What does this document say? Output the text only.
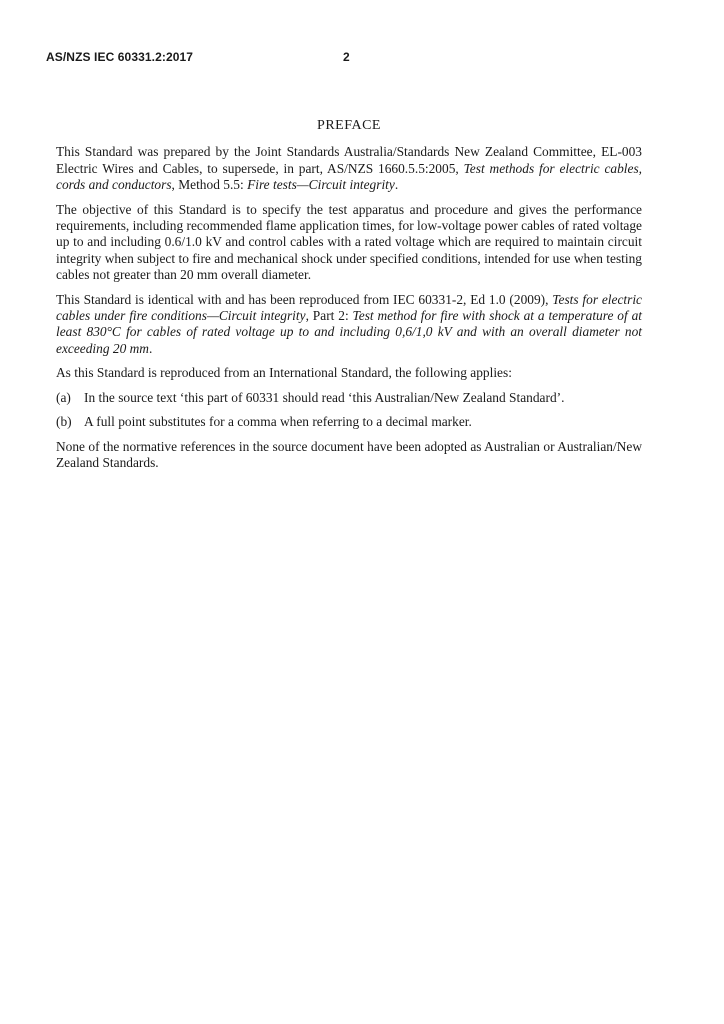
AS/NZS IEC 60331.2:2017	2
PREFACE

This Standard was prepared by the Joint Standards Australia/Standards New Zealand Committee, EL-003 Electric Wires and Cables, to supersede, in part, AS/NZS 1660.5.5:2005, Test methods for electric cables, cords and conductors, Method 5.5: Fire tests—Circuit integrity.

The objective of this Standard is to specify the test apparatus and procedure and gives the performance requirements, including recommended flame application times, for low-voltage power cables of rated voltage up to and including 0.6/1.0 kV and control cables with a rated voltage which are required to maintain circuit integrity when subject to fire and mechanical shock under specified conditions, intended for use when testing cables not greater than 20 mm overall diameter.

This Standard is identical with and has been reproduced from IEC 60331-2, Ed 1.0 (2009), Tests for electric cables under fire conditions—Circuit integrity, Part 2: Test method for fire with shock at a temperature of at least 830°C for cables of rated voltage up to and including 0,6/1,0 kV and with an overall diameter not exceeding 20 mm.

As this Standard is reproduced from an International Standard, the following applies:

(a) In the source text ‘this part of 60331 should read ‘this Australian/New Zealand Standard’.
(b) A full point substitutes for a comma when referring to a decimal marker.

None of the normative references in the source document have been adopted as Australian or Australian/New Zealand Standards.
